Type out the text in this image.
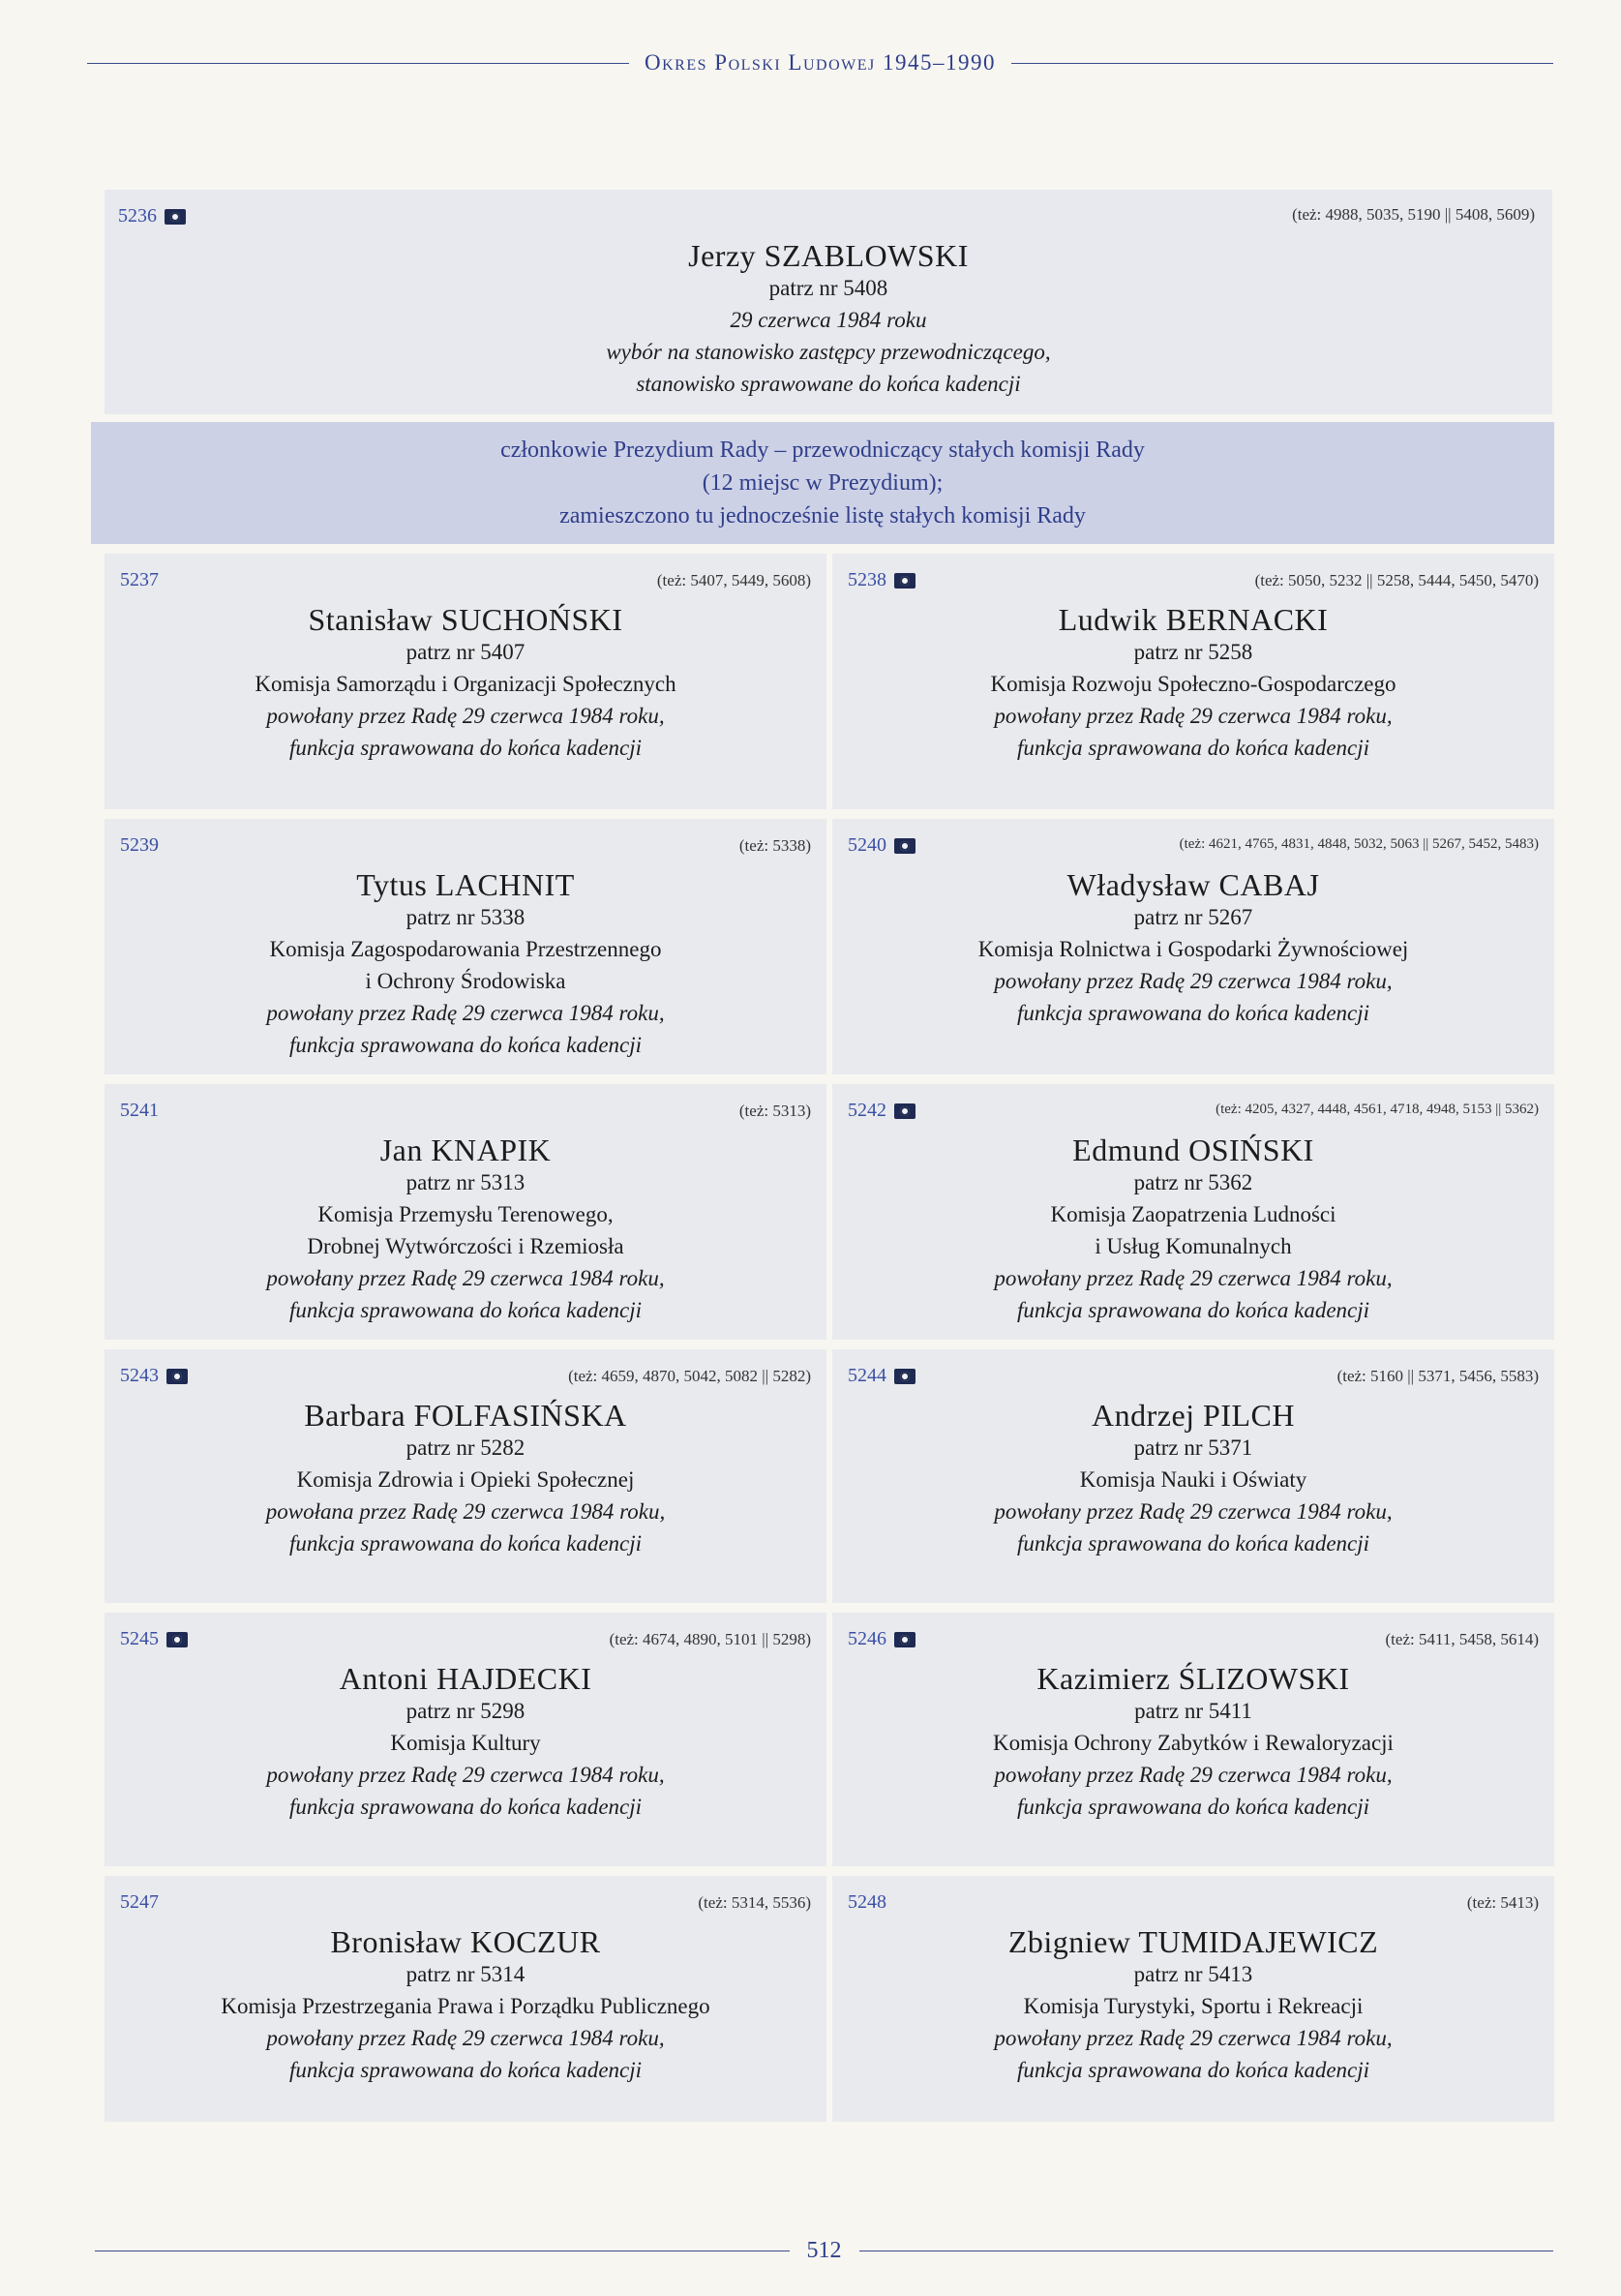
Okres Polski Ludowej 1945–1990
5236	(też: 4988, 5035, 5190 || 5408, 5609)
Jerzy SZABLOWSKI
patrz nr 5408
29 czerwca 1984 roku
wybór na stanowisko zastępcy przewodniczącego,
stanowisko sprawowane do końca kadencji
członkowie Prezydium Rady – przewodniczący stałych komisji Rady
(12 miejsc w Prezydium);
zamieszczono tu jednocześnie listę stałych komisji Rady
5237	(też: 5407, 5449, 5608)
Stanisław SUCHOŃSKI
patrz nr 5407
Komisja Samorządu i Organizacji Społecznych
powołany przez Radę 29 czerwca 1984 roku,
funkcja sprawowana do końca kadencji
5238	(też: 5050, 5232 || 5258, 5444, 5450, 5470)
Ludwik BERNACKI
patrz nr 5258
Komisja Rozwoju Społeczno-Gospodarczego
powołany przez Radę 29 czerwca 1984 roku,
funkcja sprawowana do końca kadencji
5239	(też: 5338)
Tytus LACHNIT
patrz nr 5338
Komisja Zagospodarowania Przestrzennego
i Ochrony Środowiska
powołany przez Radę 29 czerwca 1984 roku,
funkcja sprawowana do końca kadencji
5240	(też: 4621, 4765, 4831, 4848, 5032, 5063 || 5267, 5452, 5483)
Władysław CABAJ
patrz nr 5267
Komisja Rolnictwa i Gospodarki Żywnościowej
powołany przez Radę 29 czerwca 1984 roku,
funkcja sprawowana do końca kadencji
5241	(też: 5313)
Jan KNAPIK
patrz nr 5313
Komisja Przemysłu Terenowego,
Drobnej Wytwórczości i Rzemiosła
powołany przez Radę 29 czerwca 1984 roku,
funkcja sprawowana do końca kadencji
5242	(też: 4205, 4327, 4448, 4561, 4718, 4948, 5153 || 5362)
Edmund OSIŃSKI
patrz nr 5362
Komisja Zaopatrzenia Ludności
i Usług Komunalnych
powołany przez Radę 29 czerwca 1984 roku,
funkcja sprawowana do końca kadencji
5243	(też: 4659, 4870, 5042, 5082 || 5282)
Barbara FOLFASIŃSKA
patrz nr 5282
Komisja Zdrowia i Opieki Społecznej
powołana przez Radę 29 czerwca 1984 roku,
funkcja sprawowana do końca kadencji
5244	(też: 5160 || 5371, 5456, 5583)
Andrzej PILCH
patrz nr 5371
Komisja Nauki i Oświaty
powołany przez Radę 29 czerwca 1984 roku,
funkcja sprawowana do końca kadencji
5245	(też: 4674, 4890, 5101 || 5298)
Antoni HAJDECKI
patrz nr 5298
Komisja Kultury
powołany przez Radę 29 czerwca 1984 roku,
funkcja sprawowana do końca kadencji
5246	(też: 5411, 5458, 5614)
Kazimierz ŚLIZOWSKI
patrz nr 5411
Komisja Ochrony Zabytków i Rewaloryzacji
powołany przez Radę 29 czerwca 1984 roku,
funkcja sprawowana do końca kadencji
5247	(też: 5314, 5536)
Bronisław KOCZUR
patrz nr 5314
Komisja Przestrzegania Prawa i Porządku Publicznego
powołany przez Radę 29 czerwca 1984 roku,
funkcja sprawowana do końca kadencji
5248	(też: 5413)
Zbigniew TUMIDAJEWICZ
patrz nr 5413
Komisja Turystyki, Sportu i Rekreacji
powołany przez Radę 29 czerwca 1984 roku,
funkcja sprawowana do końca kadencji
512
